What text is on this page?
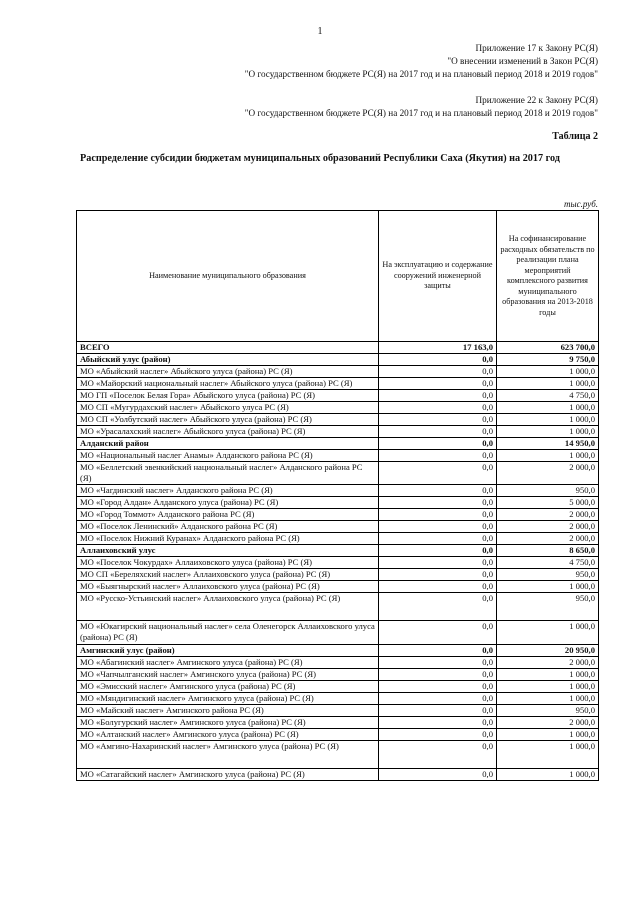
1
Приложение 17 к Закону РС(Я)
"О внесении изменений в Закон РС(Я)
"О государственном бюджете РС(Я) на 2017 год и на плановый период 2018 и 2019 годов"
Приложение 22 к Закону РС(Я)
"О государственном бюджете РС(Я) на 2017 год и на плановый период 2018 и 2019 годов"
Таблица 2
Распределение субсидии бюджетам муниципальных образований Республики Саха (Якутия) на 2017 год
тыс.руб.
Наименование муниципального образования	На эксплуатацию и содержание сооружений инженерной защиты	На софинансирование расходных обязательств по реализации плана мероприятий комплексного развития муниципального образования на 2013-2018 годы
ВСЕГО	17 163,0	623 700,0
Абыйский улус (район)	0,0	9 750,0
МО «Абыйский наслег» Абыйского улуса (района) РС (Я)	0,0	1 000,0
МО «Майорский национальный наслег» Абыйского улуса (района) РС (Я)	0,0	1 000,0
МО ГП «Поселок Белая Гора» Абыйского улуса (района) РС (Я)	0,0	4 750,0
МО СП «Мугурдахский наслег» Абыйского улуса РС (Я)	0,0	1 000,0
МО СП «Уолбутский наслег» Абыйского улуса (района) РС (Я)	0,0	1 000,0
МО «Урасалахский наслег» Абыйского улуса (района) РС (Я)	0,0	1 000,0
Алданский район	0,0	14 950,0
МО «Национальный наслег Анамы» Алданского района РС (Я)	0,0	1 000,0
МО «Беллетский эвенкийский национальный наслег» Алданского района РС (Я)	0,0	2 000,0
МО «Чагдинский наслег» Алданского района РС (Я)	0,0	950,0
МО «Город Алдан» Алданского улуса (района) РС (Я)	0,0	5 000,0
МО «Город Томмот» Алданского района РС (Я)	0,0	2 000,0
МО «Поселок Ленинский» Алданского района РС (Я)	0,0	2 000,0
МО «Поселок Нижний Куранах» Алданского района РС (Я)	0,0	2 000,0
Аллаиховский улус	0,0	8 650,0
МО «Поселок Чокурдах» Аллаиховского улуса (района) РС (Я)	0,0	4 750,0
МО СП «Береляхский наслег» Аллаиховского улуса (района) РС (Я)	0,0	950,0
МО «Быягнырский наслег» Аллаиховского улуса (района) РС (Я)	0,0	1 000,0
МО «Русско-Устьинский наслег» Аллаиховского улуса (района) РС (Я)	0,0	950,0
МО «Юкагирский национальный наслег» села Оленегорск Аллаиховского улуса (района) РС (Я)	0,0	1 000,0
Амгинский улус (район)	0,0	20 950,0
МО «Абагинский наслег» Амгинского улуса (района) РС (Я)	0,0	2 000,0
МО «Чапчылганский наслег» Амгинского улуса (района) РС (Я)	0,0	1 000,0
МО «Эмисский наслег» Амгинского улуса (района) РС (Я)	0,0	1 000,0
МО «Мяндигинский наслег» Амгинского улуса (района) РС (Я)	0,0	1 000,0
МО «Майский наслег» Амгинского района РС (Я)	0,0	950,0
МО «Болугурский наслег» Амгинского улуса (района) РС (Я)	0,0	2 000,0
МО «Алтанский наслег» Амгинского улуса (района) РС (Я)	0,0	1 000,0
МО «Амгино-Нахаринский наслег» Амгинского улуса (района) РС (Я)	0,0	1 000,0
МО «Сатагайский наслег» Амгинского улуса (района) РС (Я)	0,0	1 000,0
